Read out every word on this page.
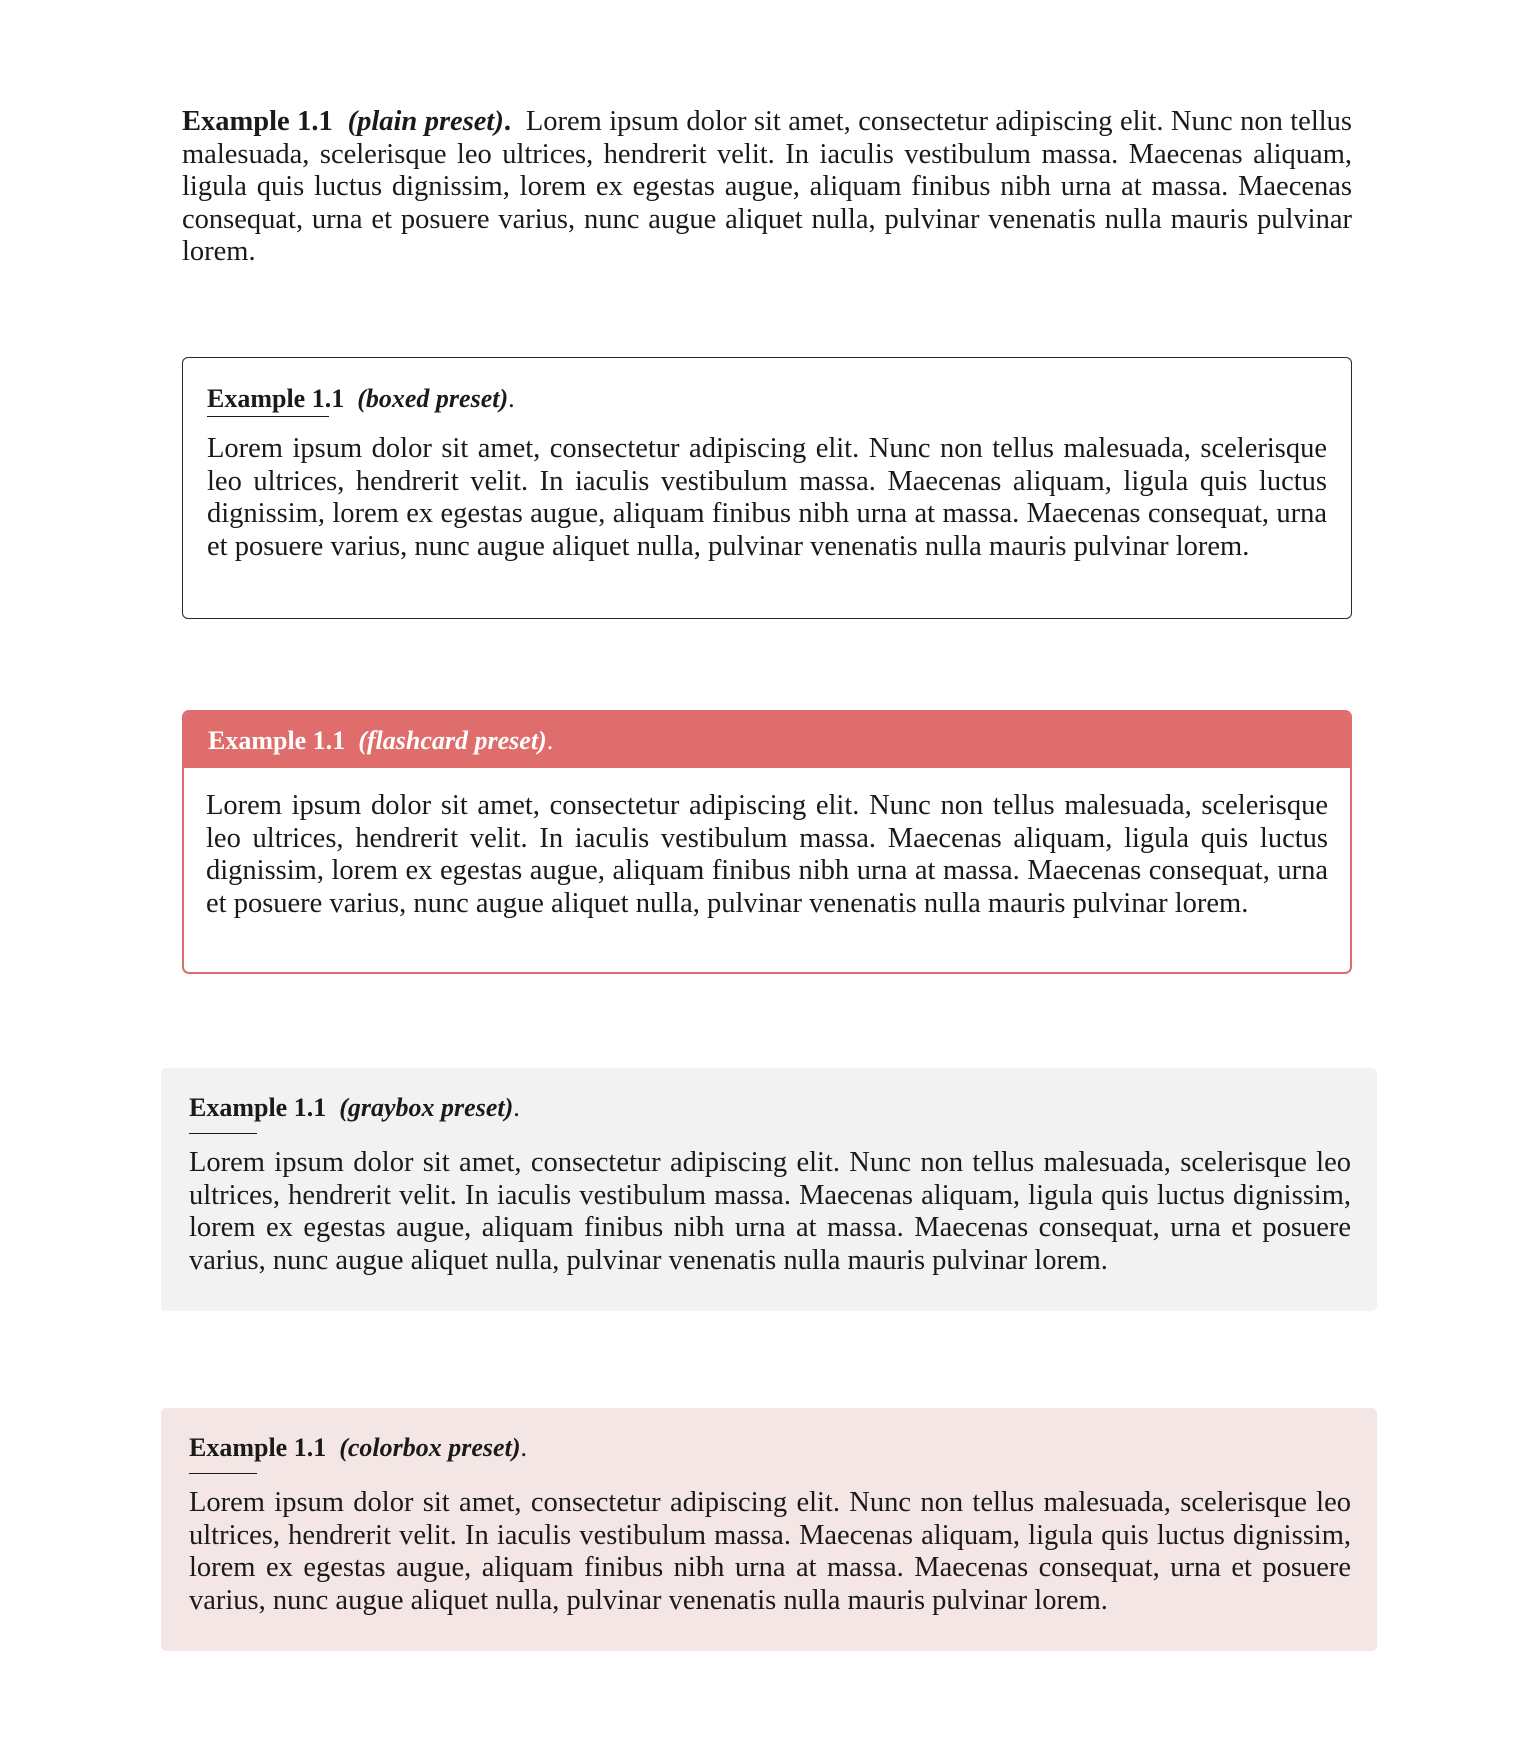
Example 1.1 (plain preset). Lorem ipsum dolor sit amet, consectetur adipiscing elit. Nunc non tellus malesuada, scelerisque leo ultrices, hendrerit velit. In iaculis vestibulum massa. Maecenas aliquam, ligula quis luctus dignissim, lorem ex egestas augue, aliquam finibus nibh urna at massa. Maecenas consequat, urna et posuere varius, nunc augue aliquet nulla, pulvinar venenatis nulla mauris pulvinar lorem.

Example 1.1 (boxed preset).

Lorem ipsum dolor sit amet, consectetur adipiscing elit. Nunc non tellus malesuada, scelerisque leo ultrices, hendrerit velit. In iaculis vestibulum massa. Maecenas aliquam, ligula quis luctus dignissim, lorem ex egestas augue, aliquam finibus nibh urna at massa. Maecenas consequat, urna et posuere varius, nunc augue aliquet nulla, pulvinar venenatis nulla mauris pulvinar lorem.

Example 1.1 (flashcard preset).

Lorem ipsum dolor sit amet, consectetur adipiscing elit. Nunc non tellus malesuada, scelerisque leo ultrices, hendrerit velit. In iaculis vestibulum massa. Maecenas aliquam, ligula quis luctus dignissim, lorem ex egestas augue, aliquam finibus nibh urna at massa. Maecenas consequat, urna et posuere varius, nunc augue aliquet nulla, pulvinar venenatis nulla mauris pulvinar lorem.

Example 1.1 (graybox preset).

Lorem ipsum dolor sit amet, consectetur adipiscing elit. Nunc non tellus malesuada, scelerisque leo ultrices, hendrerit velit. In iaculis vestibulum massa. Maecenas aliquam, ligula quis luctus dignissim, lorem ex egestas augue, aliquam finibus nibh urna at massa. Maecenas consequat, urna et posuere varius, nunc augue aliquet nulla, pulvinar venenatis nulla mauris pulvinar lorem.

Example 1.1 (colorbox preset).

Lorem ipsum dolor sit amet, consectetur adipiscing elit. Nunc non tellus malesuada, scelerisque leo ultrices, hendrerit velit. In iaculis vestibulum massa. Maecenas aliquam, ligula quis luctus dignissim, lorem ex egestas augue, aliquam finibus nibh urna at massa. Maecenas consequat, urna et posuere varius, nunc augue aliquet nulla, pulvinar venenatis nulla mauris pulvinar lorem.
